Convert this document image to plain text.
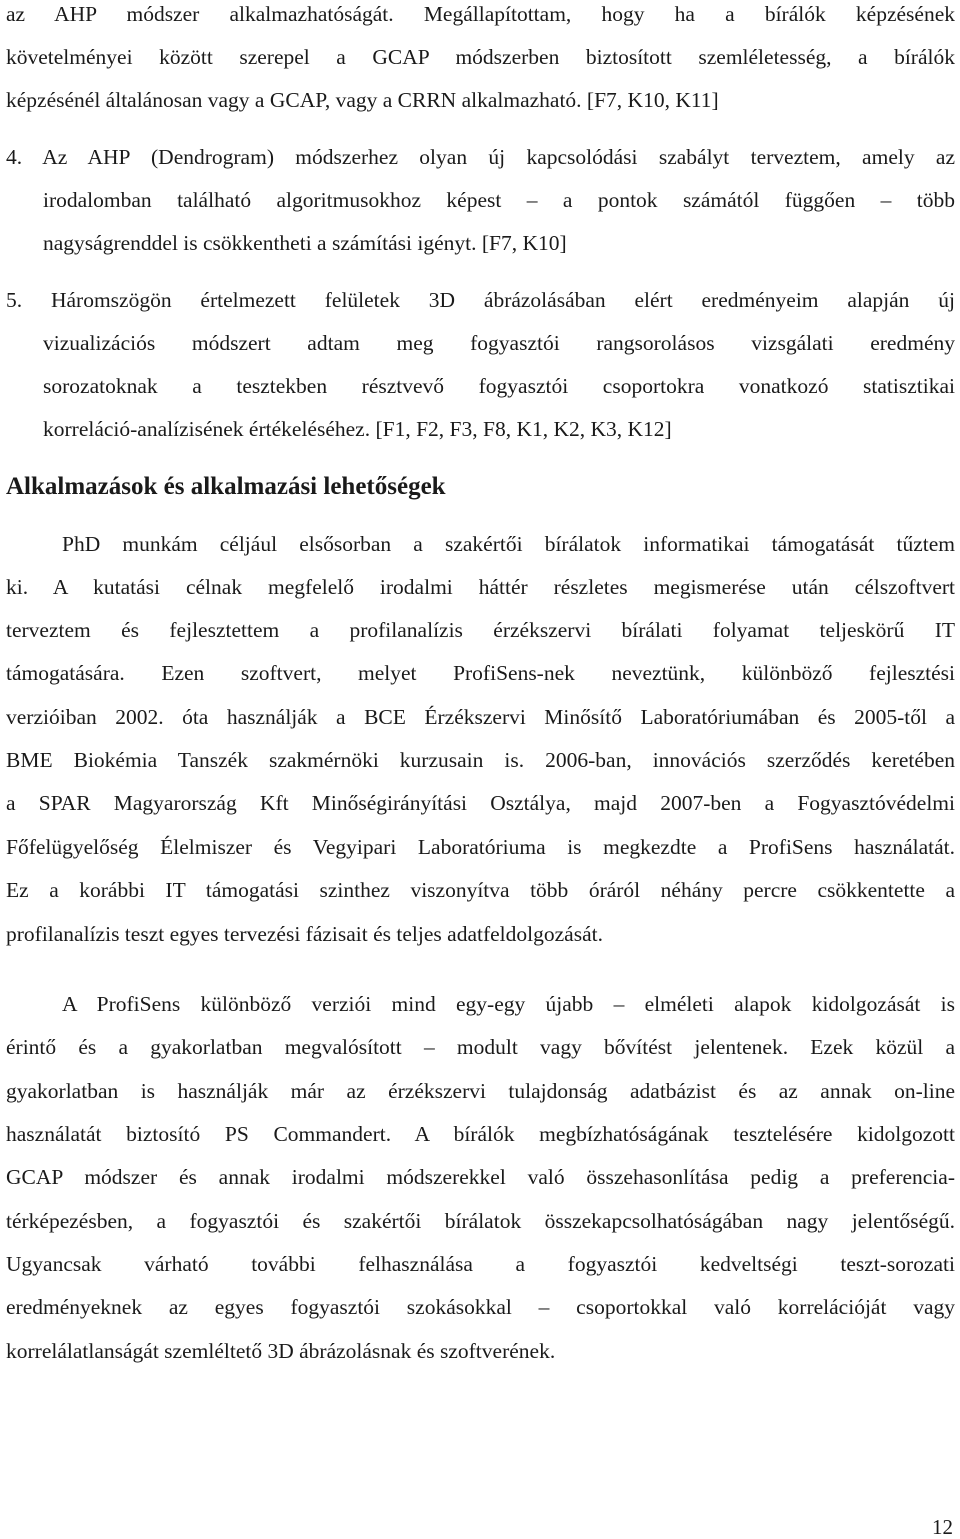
az AHP módszer alkalmazhatóságát. Megállapítottam, hogy ha a bírálók képzésének
követelményei között szerepel a GCAP módszerben biztosított szemléletesség, a bírálók
képzésénél általánosan vagy a GCAP, vagy a CRRN alkalmazható. [F7, K10, K11]
4. Az AHP (Dendrogram) módszerhez olyan új kapcsolódási szabályt terveztem, amely az
irodalomban található algoritmusokhoz képest – a pontok számától függően – több
nagyságrenddel is csökkentheti a számítási igényt. [F7, K10]
5. Háromszögön értelmezett felületek 3D ábrázolásában elért eredményeim alapján új
vizualizációs módszert adtam meg fogyasztói rangsorolásos vizsgálati eredmény
sorozatoknak a tesztekben résztvevő fogyasztói csoportokra vonatkozó statisztikai
korreláció-analízisének értékeléséhez. [F1, F2, F3, F8, K1, K2, K3, K12]
Alkalmazások és alkalmazási lehetőségek
PhD munkám céljául elsősorban a szakértői bírálatok informatikai támogatását tűztem
ki. A kutatási célnak megfelelő irodalmi háttér részletes megismerése után célszoftvert
terveztem és fejlesztettem a profilanalízis érzékszervi bírálati folyamat teljeskörű IT
támogatására. Ezen szoftvert, melyet ProfiSens-nek neveztünk, különböző fejlesztési
verzióiban 2002. óta használják a BCE Érzékszervi Minősítő Laboratóriumában és 2005-től a
BME Biokémia Tanszék szakmérnöki kurzusain is. 2006-ban, innovációs szerződés keretében
a SPAR Magyarország Kft Minőségirányítási Osztálya, majd 2007-ben a Fogyasztóvédelmi
Főfelügyelőség Élelmiszer és Vegyipari Laboratóriuma is megkezdte a ProfiSens használatát.
Ez a korábbi IT támogatási szinthez viszonyítva több óráról néhány percre csökkentette a
profilanalízis teszt egyes tervezési fázisait és teljes adatfeldolgozását.
A ProfiSens különböző verziói mind egy-egy újabb – elméleti alapok kidolgozását is
érintő és a gyakorlatban megvalósított – modult vagy bővítést jelentenek. Ezek közül a
gyakorlatban is használják már az érzékszervi tulajdonság adatbázist és az annak on-line
használatát biztosító PS Commandert. A bírálók megbízhatóságának tesztelésére kidolgozott
GCAP módszer és annak irodalmi módszerekkel való összehasonlítása pedig a preferencia-
térképezésben, a fogyasztói és szakértői bírálatok összekapcsolhatóságában nagy jelentőségű.
Ugyancsak várható további felhasználása a fogyasztói kedveltségi teszt-sorozati
eredményeknek az egyes fogyasztói szokásokkal – csoportokkal való korrelációját vagy
korrelálatlanságát szemléltető 3D ábrázolásnak és szoftverének.
12
